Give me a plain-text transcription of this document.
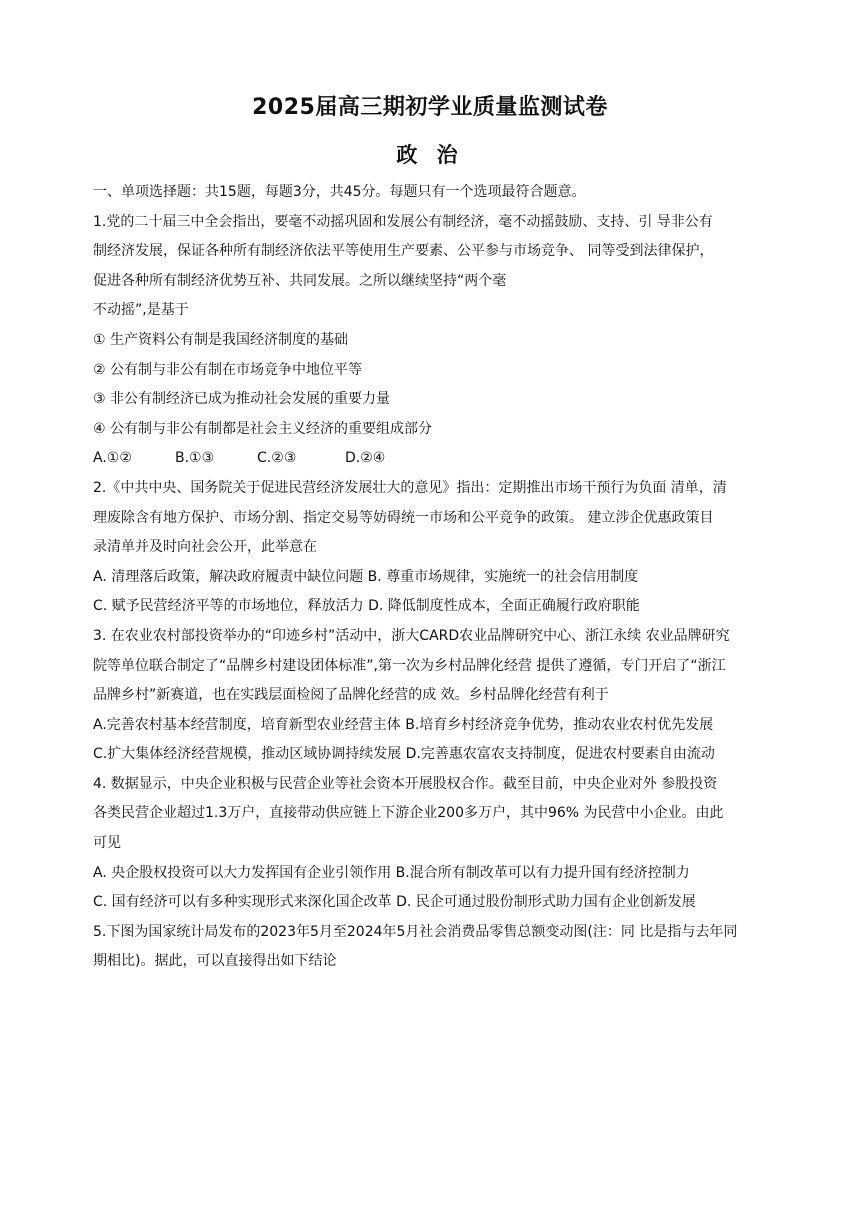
2025届高三期初学业质量监测试卷
政 治
一、单项选择题：共15题，每题3分，共45分。每题只有一个选项最符合题意。
1.党的二十届三中全会指出，要毫不动摇巩固和发展公有制经济，毫不动摇鼓励、支持、引 导非公有
制经济发展，保证各种所有制经济依法平等使用生产要素、公平参与市场竞争、 同等受到法律保护，
促进各种所有制经济优势互补、共同发展。之所以继续坚持“两个毫
不动摇”,是基于
① 生产资料公有制是我国经济制度的基础
② 公有制与非公有制在市场竞争中地位平等
③ 非公有制经济已成为推动社会发展的重要力量
④ 公有制与非公有制都是社会主义经济的重要组成部分
A.①②	B.①③	C.②③	D.②④
2.《中共中央、国务院关于促进民营经济发展壮大的意见》指出：定期推出市场干预行为负面 清单，清
理废除含有地方保护、市场分割、指定交易等妨碍统一市场和公平竞争的政策。 建立涉企优惠政策目
录清单并及时向社会公开，此举意在
A. 清理落后政策，解决政府履责中缺位问题 B. 尊重市场规律，实施统一的社会信用制度
C. 赋予民营经济平等的市场地位，释放活力 D. 降低制度性成本，全面正确履行政府职能
3. 在农业农村部投资举办的“印迹乡村”活动中，浙大CARD农业品牌研究中心、浙江永续 农业品牌研究
院等单位联合制定了“品牌乡村建设团体标准”,第一次为乡村品牌化经营 提供了遵循，专门开启了“浙江
品牌乡村”新赛道，也在实践层面检阅了品牌化经营的成 效。乡村品牌化经营有利于
A.完善农村基本经营制度，培育新型农业经营主体 B.培育乡村经济竞争优势，推动农业农村优先发展
C.扩大集体经济经营规模，推动区域协调持续发展 D.完善惠农富农支持制度，促进农村要素自由流动
4. 数据显示，中央企业积极与民营企业等社会资本开展股权合作。截至目前，中央企业对外 参股投资
各类民营企业超过1.3万户，直接带动供应链上下游企业200多万户，其中96% 为民营中小企业。由此
可见
A. 央企股权投资可以大力发挥国有企业引领作用 B.混合所有制改革可以有力提升国有经济控制力
C. 国有经济可以有多种实现形式来深化国企改革 D. 民企可通过股份制形式助力国有企业创新发展
5.下图为国家统计局发布的2023年5月至2024年5月社会消费品零售总额变动图(注：同 比是指与去年同
期相比)。据此，可以直接得出如下结论
